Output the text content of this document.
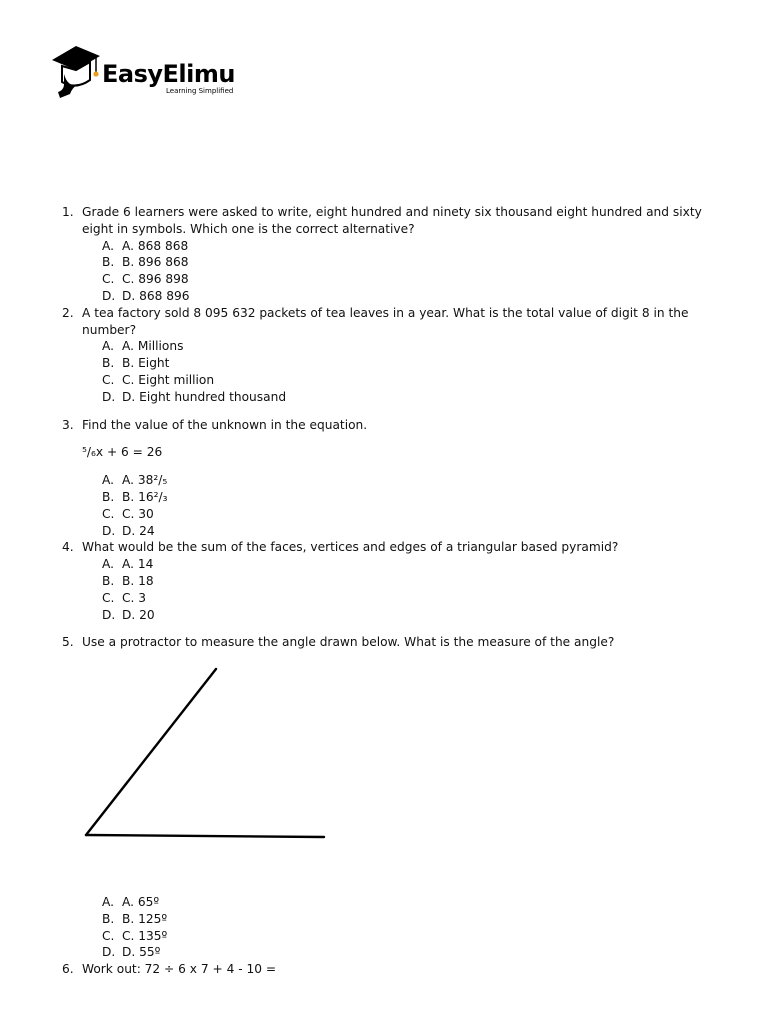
EasyElimu
Learning Simplified
1. Grade 6 learners were asked to write, eight hundred and ninety six thousand eight hundred and sixty eight in symbols. Which one is the correct alternative?
A. A. 868 868
B. B. 896 868
C. C. 896 898
D. D. 868 896
2. A tea factory sold 8 095 632 packets of tea leaves in a year. What is the total value of digit 8 in the number?
A. A. Millions
B. B. Eight
C. C. Eight million
D. D. Eight hundred thousand
3. Find the value of the unknown in the equation.
⁵/₆x + 6 = 26
A. A. 38²/₅
B. B. 16²/₃
C. C. 30
D. D. 24
4. What would be the sum of the faces, vertices and edges of a triangular based pyramid?
A. A. 14
B. B. 18
C. C. 3
D. D. 20
5. Use a protractor to measure the angle drawn below. What is the measure of the angle?
A. A. 65º
B. B. 125º
C. C. 135º
D. D. 55º
6. Work out: 72 ÷ 6 x 7 + 4 - 10 =
